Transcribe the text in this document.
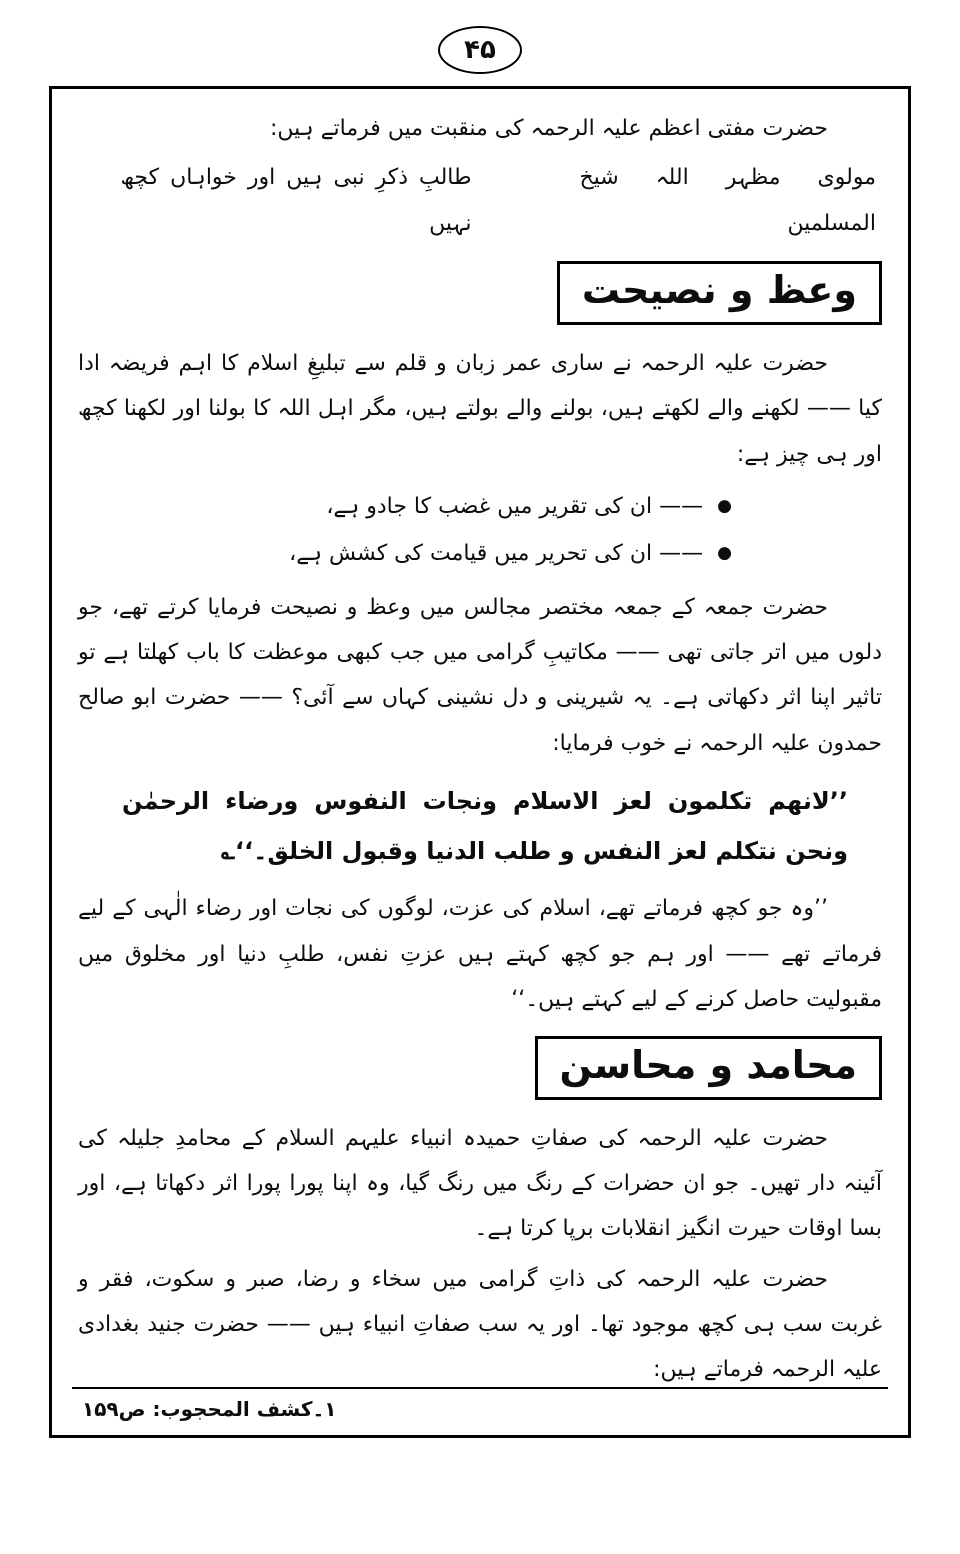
۴۵
حضرت مفتی اعظم علیہ الرحمہ کی منقبت میں فرماتے ہیں:
مولوی مظہر اللہ شیخ المسلمین
طالبِ ذکرِ نبی ہیں اور خواہاں کچھ نہیں
وعظ و نصیحت
حضرت علیہ الرحمہ نے ساری عمر زبان و قلم سے تبلیغِ اسلام کا اہم فریضہ ادا کیا —— لکھنے والے لکھتے ہیں، بولنے والے بولتے ہیں، مگر اہل اللہ کا بولنا اور لکھنا کچھ اور ہی چیز ہے:
●
—— ان کی تقریر میں غضب کا جادو ہے،
●
—— ان کی تحریر میں قیامت کی کشش ہے،
حضرت جمعہ کے جمعہ مختصر مجالس میں وعظ و نصیحت فرمایا کرتے تھے، جو دلوں میں اتر جاتی تھی —— مکاتیبِ گرامی میں جب کبھی موعظت کا باب کھلتا ہے تو تاثیر اپنا اثر دکھاتی ہے۔ یہ شیرینی و دل نشینی کہاں سے آئی؟ —— حضرت ابو صالح حمدون علیہ الرحمہ نے خوب فرمایا:
’’لانھم تکلمون لعز الاسلام ونجات النفوس ورضاء الرحمٰن ونحن نتکلم لعز النفس و طلب الدنیا وقبول الخلق۔‘‘؎
’’وہ جو کچھ فرماتے تھے، اسلام کی عزت، لوگوں کی نجات اور رضاء الٰہی کے لیے فرماتے تھے —— اور ہم جو کچھ کہتے ہیں عزتِ نفس، طلبِ دنیا اور مخلوق میں مقبولیت حاصل کرنے کے لیے کہتے ہیں۔‘‘
محامد و محاسن
حضرت علیہ الرحمہ کی صفاتِ حمیدہ انبیاء علیہم السلام کے محامدِ جلیلہ کی آئینہ دار تھیں۔ جو ان حضرات کے رنگ میں رنگ گیا، وہ اپنا پورا پورا اثر دکھاتا ہے، اور بسا اوقات حیرت انگیز انقلابات برپا کرتا ہے۔
حضرت علیہ الرحمہ کی ذاتِ گرامی میں سخاء و رضا، صبر و سکوت، فقر و غربت سب ہی کچھ موجود تھا۔ اور یہ سب صفاتِ انبیاء ہیں —— حضرت جنید بغدادی علیہ الرحمہ فرماتے ہیں:
۱۔کشف المحجوب: ص۱۵۹
